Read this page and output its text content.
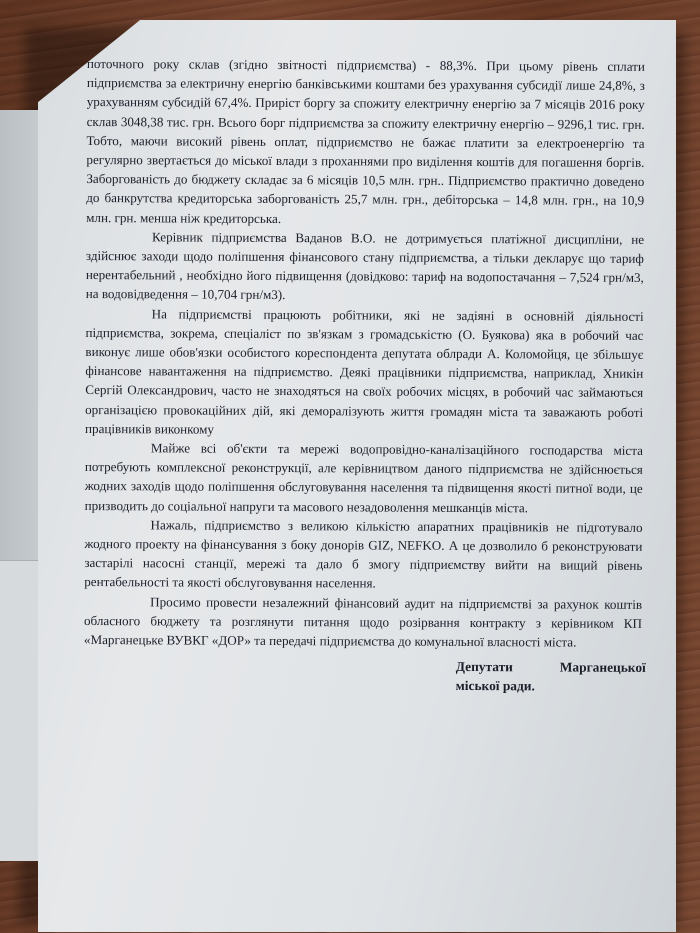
поточного року склав (згідно звітності підприємства) - 88,3%. При цьому рівень сплати підприємства за електричну енергію банківськими коштами без урахування субсидії лише 24,8%, з урахуванням субсидій 67,4%. Приріст боргу за спожиту електричну енергію за 7 місяців 2016 року склав 3048,38 тис. грн. Всього борг підприємства за спожиту електричну енергію – 9296,1 тис. грн. Тобто, маючи високий рівень оплат, підприємство не бажає платити за електроенергію та регулярно звертається до міської влади з проханнями про виділення коштів для погашення боргів. Заборгованість до бюджету складає за 6 місяців 10,5 млн. грн.. Підприємство практично доведено до банкрутства кредиторська заборгованість 25,7 млн. грн., дебіторська – 14,8 млн. грн., на 10,9 млн. грн. менша ніж кредиторська.

Керівник підприємства Ваданов В.О. не дотримується платіжної дисципліни, не здійснює заходи щодо поліпшення фінансового стану підприємства, а тільки декларує що тариф нерентабельний , необхідно його підвищення (довідково: тариф на водопостачання – 7,524 грн/м3, на водовідведення – 10,704 грн/м3).

На підприємстві працюють робітники, які не задіяні в основній діяльності підприємства, зокрема, спеціаліст по зв'язкам з громадськістю (О. Буякова) яка в робочий час виконує лише обов'язки особистого кореспондента депутата облради А. Коломойця, це збільшує фінансове навантаження на підприємство. Деякі працівники підприємства, наприклад, Хникін Сергій Олександрович, часто не знаходяться на своїх робочих місцях, в робочий час займаються організацією провокаційних дій, які деморалізують життя громадян міста та заважають роботі працівників виконкому

Майже всі об'єкти та мережі водопровідно-каналізаційного господарства міста потребують комплексної реконструкції, але керівництвом даного підприємства не здійснюється жодних заходів щодо поліпшення обслуговування населення та підвищення якості питної води, це призводить до соціальної напруги та масового незадоволення мешканців міста.

Нажаль, підприємство з великою кількістю апаратних працівників не підготувало жодного проекту на фінансування з боку донорів GIZ, NEFKO. А це дозволило б реконструювати застарілі насосні станції, мережі та дало б змогу підприємству вийти на вищий рівень рентабельності та якості обслуговування населення.

Просимо провести незалежний фінансовий аудит на підприємстві за рахунок коштів обласного бюджету та розглянути питання щодо розірвання контракту з керівником КП «Марганецьке ВУВКГ «ДОР» та передачі підприємства до комунальної власності міста.

Депутати Марганецької
міської ради.
